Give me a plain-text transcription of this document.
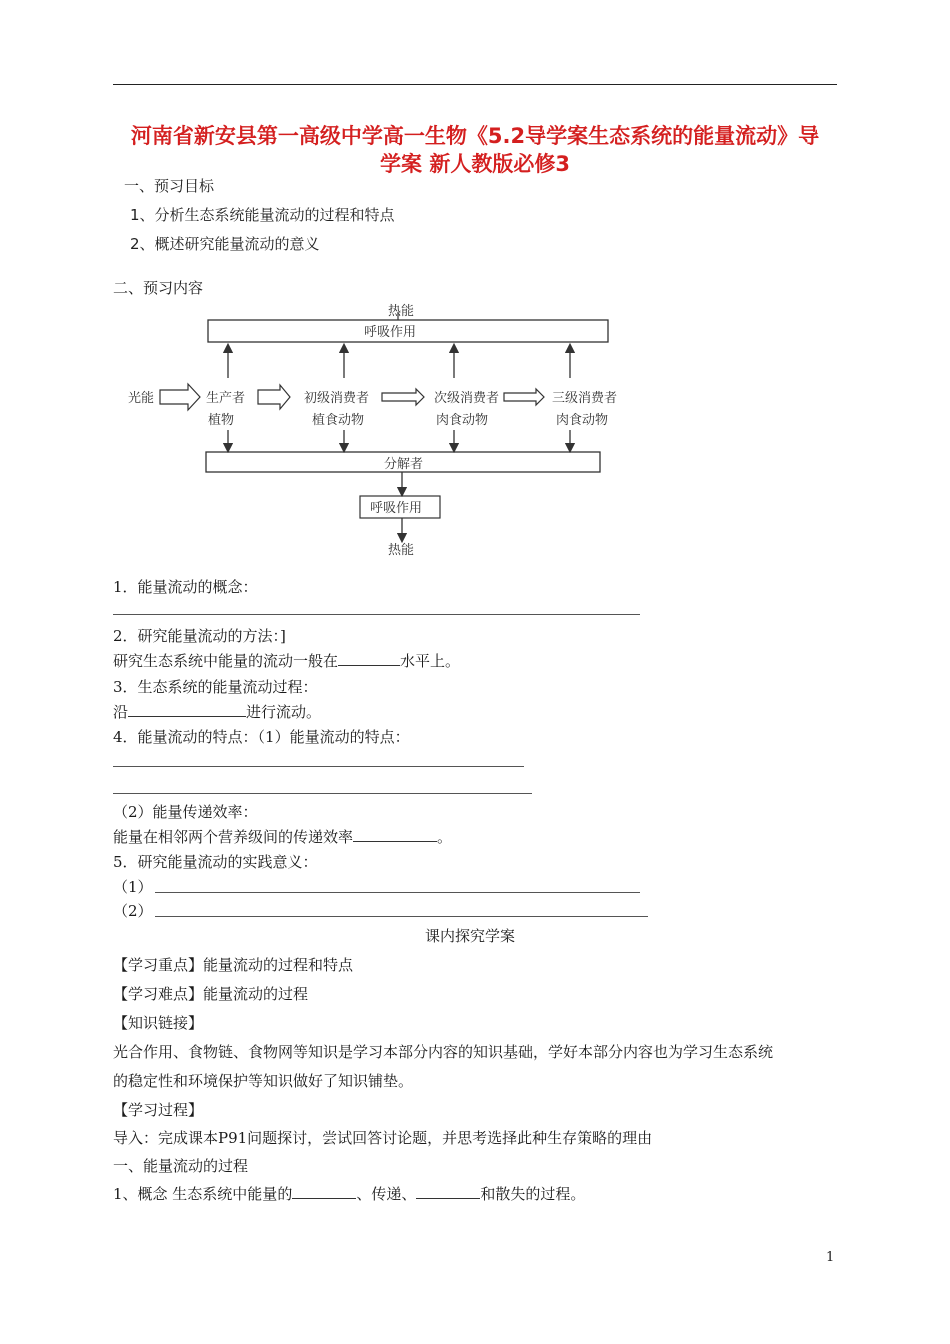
河南省新安县第一高级中学高一生物《5.2导学案生态系统的能量流动》导
学案 新人教版必修3
一、预习目标
1、分析生态系统能量流动的过程和特点
2、概述研究能量流动的意义
二、预习内容
热能
呼吸作用
光能	生产者
植物
初级消费者
植食动物
次级消费者
肉食动物
三级消费者
肉食动物
分解者
呼吸作用
热能
1．能量流动的概念：
2．研究能量流动的方法：]
研究生态系统中能量的流动一般在	水平上。
3．生态系统的能量流动过程：
沿	进行流动。
4．能量流动的特点：（1）能量流动的特点：
（2）能量传递效率：
能量在相邻两个营养级间的传递效率	。
5．研究能量流动的实践意义：
（1）
（2）
课内探究学案
【学习重点】能量流动的过程和特点
【学习难点】能量流动的过程
【知识链接】
光合作用、食物链、食物网等知识是学习本部分内容的知识基础，学好本部分内容也为学习生态系统
的稳定性和环境保护等知识做好了知识铺垫。
【学习过程】
导入：完成课本P91问题探讨，尝试回答讨论题，并思考选择此种生存策略的理由
一、能量流动的过程
1、概念 生态系统中能量的	、传递、	和散失的过程。
1
